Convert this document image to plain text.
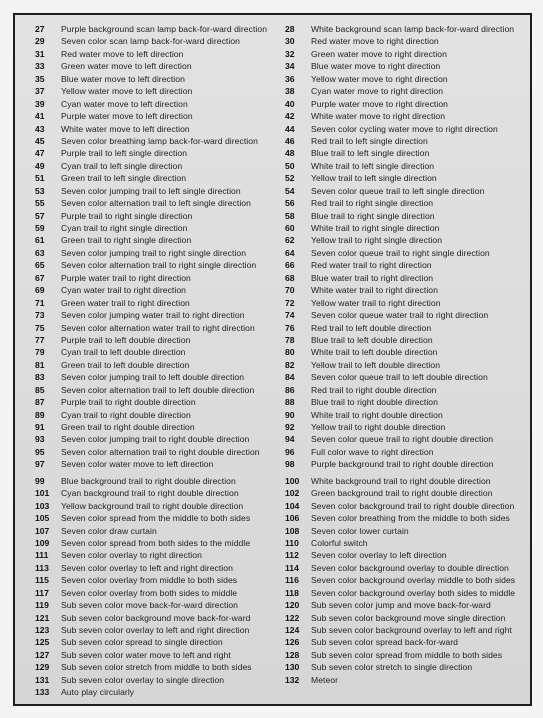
27	Purple background scan lamp back-for-ward direction
29	Seven color scan lamp back-for-ward direction
31	Red water move to left direction
33	Green water move to left direction
35	Blue water move to left direction
37	Yellow water move to left direction
39	Cyan water move to left direction
41	Purple water move to left direction
43	White water move to left direction
45	Seven color breathing lamp back-for-ward direction
47	Purple trail to left single direction
49	Cyan trail to left single direction
51	Green trail to left single direction
53	Seven color jumping trail to left single direction
55	Seven color alternation trail to left single direction
57	Purple trail to right single direction
59	Cyan trail to right single direction
61	Green trail to right single direction
63	Seven color jumping trail to right single direction
65	Seven color alternation trail to right single direction
67	Purple water trail to right direction
69	Cyan water trail to right direction
71	Green water trail to right direction
73	Seven color jumping water trail to right direction
75	Seven color alternation water trail to right direction
77	Purple trail to left double direction
79	Cyan trail to left double direction
81	Green trail to left double direction
83	Seven color jumping trail to left double direction
85	Seven color alternation trail to left double direction
87	Purple trail to right double direction
89	Cyan trail to right double direction
91	Green trail to right double direction
93	Seven color jumping trail to right double direction
95	Seven color alternation trail to right double direction
97	Seven color water move to left direction
99	Blue background trail to right double direction
101	Cyan background trail to right double direction
103	Yellow background trail to right double direction
105	Seven color spread from the middle to both sides
107	Seven color draw curtain
109	Seven color spread from both sides to the middle
111	Seven color overlay to right direction
113	Seven color overlay to left and right direction
115	Seven color overlay from middle to both sides
117	Seven color overlay from both sides to middle
119	Sub seven color move back-for-ward direction
121	Sub seven color background move back-for-ward
123	Sub seven color overlay to left and right direction
125	Sub seven color spread to single direction
127	Sub seven color water move to left and right
129	Sub seven color stretch from middle to both sides
131	Sub seven color overlay to single direction
133	Auto play circularly
28	White background scan lamp back-for-ward direction
30	Red water move to right direction
32	Green water move to right direction
34	Blue water move to right direction
36	Yellow water move to right direction
38	Cyan water move to right direction
40	Purple water move to right direction
42	White water move to right direction
44	Seven color cycling water move to right direction
46	Red trail to left single direction
48	Blue trail to left single direction
50	White trail to left single direction
52	Yellow trail to left single direction
54	Seven color queue trail to left single direction
56	Red trail to right single direction
58	Blue trail to right single direction
60	White trail to right single direction
62	Yellow trail to right single direction
64	Seven color queue trail to right single direction
66	Red water trail to right direction
68	Blue water trail to right direction
70	White water trail to right direction
72	Yellow water trail to right direction
74	Seven color queue water trail to right direction
76	Red trail to left double direction
78	Blue trail to left double direction
80	White trail to left double direction
82	Yellow trail to left double direction
84	Seven color queue trail to left double direction
86	Red trail to right double direction
88	Blue trail to right double direction
90	White trail to right double direction
92	Yellow trail to right double direction
94	Seven color queue trail to right double direction
96	Full color wave to right direction
98	Purple background trail to right double direction
100	White background trail to right double direction
102	Green background trail to right double direction
104	Seven color background trail to right double direction
106	Seven color breathing from the middle to both sides
108	Seven color lower curtain
110	Colorful switch
112	Seven color overlay to left direction
114	Seven color background overlay to double direction
116	Seven color background overlay middle to both sides
118	Seven color background overlay both sides to middle
120	Sub seven color jump and move back-for-ward
122	Sub seven color background move single direction
124	Sub seven color background overlay to left and right
126	Sub seven color spread back-for-ward
128	Sub seven color spread from middle to both sides
130	Sub seven color stretch to single direction
132	Meteor
